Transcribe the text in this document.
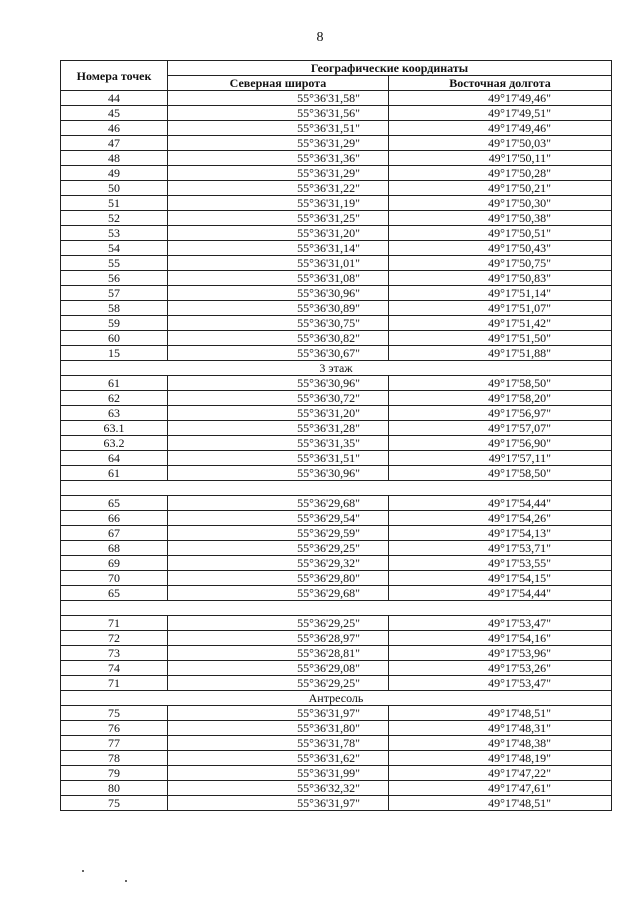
8
Номера точек	Географические координаты	
	Северная широта	Восточная долгота
44	55°36'31,58"	49°17'49,46"
45	55°36'31,56"	49°17'49,51"
46	55°36'31,51"	49°17'49,46"
47	55°36'31,29"	49°17'50,03"
48	55°36'31,36"	49°17'50,11"
49	55°36'31,29"	49°17'50,28"
50	55°36'31,22"	49°17'50,21"
51	55°36'31,19"	49°17'50,30"
52	55°36'31,25"	49°17'50,38"
53	55°36'31,20"	49°17'50,51"
54	55°36'31,14"	49°17'50,43"
55	55°36'31,01"	49°17'50,75"
56	55°36'31,08"	49°17'50,83"
57	55°36'30,96"	49°17'51,14"
58	55°36'30,89"	49°17'51,07"
59	55°36'30,75"	49°17'51,42"
60	55°36'30,82"	49°17'51,50"
15	55°36'30,67"	49°17'51,88"
3 этаж		
61	55°36'30,96"	49°17'58,50"
62	55°36'30,72"	49°17'58,20"
63	55°36'31,20"	49°17'56,97"
63.1	55°36'31,28"	49°17'57,07"
63.2	55°36'31,35"	49°17'56,90"
64	55°36'31,51"	49°17'57,11"
61	55°36'30,96"	49°17'58,50"

65	55°36'29,68"	49°17'54,44"
66	55°36'29,54"	49°17'54,26"
67	55°36'29,59"	49°17'54,13"
68	55°36'29,25"	49°17'53,71"
69	55°36'29,32"	49°17'53,55"
70	55°36'29,80"	49°17'54,15"
65	55°36'29,68"	49°17'54,44"

71	55°36'29,25"	49°17'53,47"
72	55°36'28,97"	49°17'54,16"
73	55°36'28,81"	49°17'53,96"
74	55°36'29,08"	49°17'53,26"
71	55°36'29,25"	49°17'53,47"
Антресоль		
75	55°36'31,97"	49°17'48,51"
76	55°36'31,80"	49°17'48,31"
77	55°36'31,78"	49°17'48,38"
78	55°36'31,62"	49°17'48,19"
79	55°36'31,99"	49°17'47,22"
80	55°36'32,32"	49°17'47,61"
75	55°36'31,97"	49°17'48,51"
